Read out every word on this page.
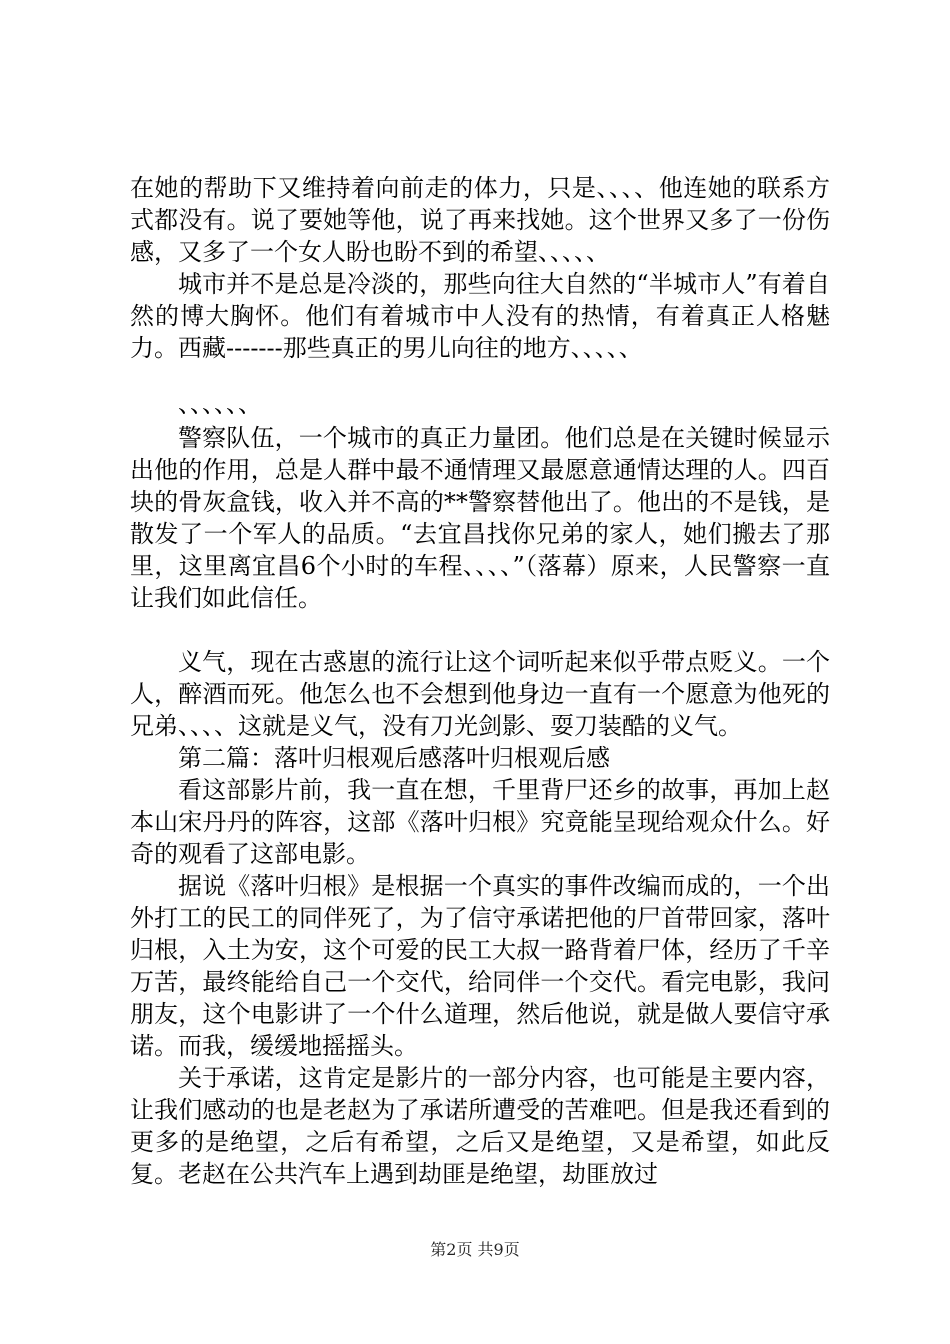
在她的帮助下又维持着向前走的体力，只是、、、、他连她的联系方式都没有。说了要她等他，说了再来找她。这个世界又多了一份伤感，又多了一个女人盼也盼不到的希望、、、、、

城市并不是总是冷淡的，那些向往大自然的“半城市人”有着自然的博大胸怀。他们有着城市中人没有的热情，有着真正人格魅力。西藏-------那些真正的男儿向往的地方、、、、、

、、、、、、

警察队伍，一个城市的真正力量团。他们总是在关键时候显示出他的作用，总是人群中最不通情理又最愿意通情达理的人。四百块的骨灰盒钱，收入并不高的**警察替他出了。他出的不是钱，是散发了一个军人的品质。“去宜昌找你兄弟的家人，她们搬去了那里，这里离宜昌6个小时的车程、、、、”（落幕）原来，人民警察一直让我们如此信任。

义气，现在古惑崽的流行让这个词听起来似乎带点贬义。一个人，醉酒而死。他怎么也不会想到他身边一直有一个愿意为他死的兄弟、、、、这就是义气，没有刀光剑影、耍刀装酷的义气。

第二篇：落叶归根观后感落叶归根观后感

看这部影片前，我一直在想，千里背尸还乡的故事，再加上赵本山宋丹丹的阵容，这部《落叶归根》究竟能呈现给观众什么。好奇的观看了这部电影。

据说《落叶归根》是根据一个真实的事件改编而成的，一个出外打工的民工的同伴死了，为了信守承诺把他的尸首带回家，落叶归根，入土为安，这个可爱的民工大叔一路背着尸体，经历了千辛万苦，最终能给自己一个交代，给同伴一个交代。看完电影，我问朋友，这个电影讲了一个什么道理，然后他说，就是做人要信守承诺。而我，缓缓地摇摇头。

关于承诺，这肯定是影片的一部分内容，也可能是主要内容，让我们感动的也是老赵为了承诺所遭受的苦难吧。但是我还看到的更多的是绝望，之后有希望，之后又是绝望，又是希望，如此反复。老赵在公共汽车上遇到劫匪是绝望，劫匪放过

第2页 共9页
